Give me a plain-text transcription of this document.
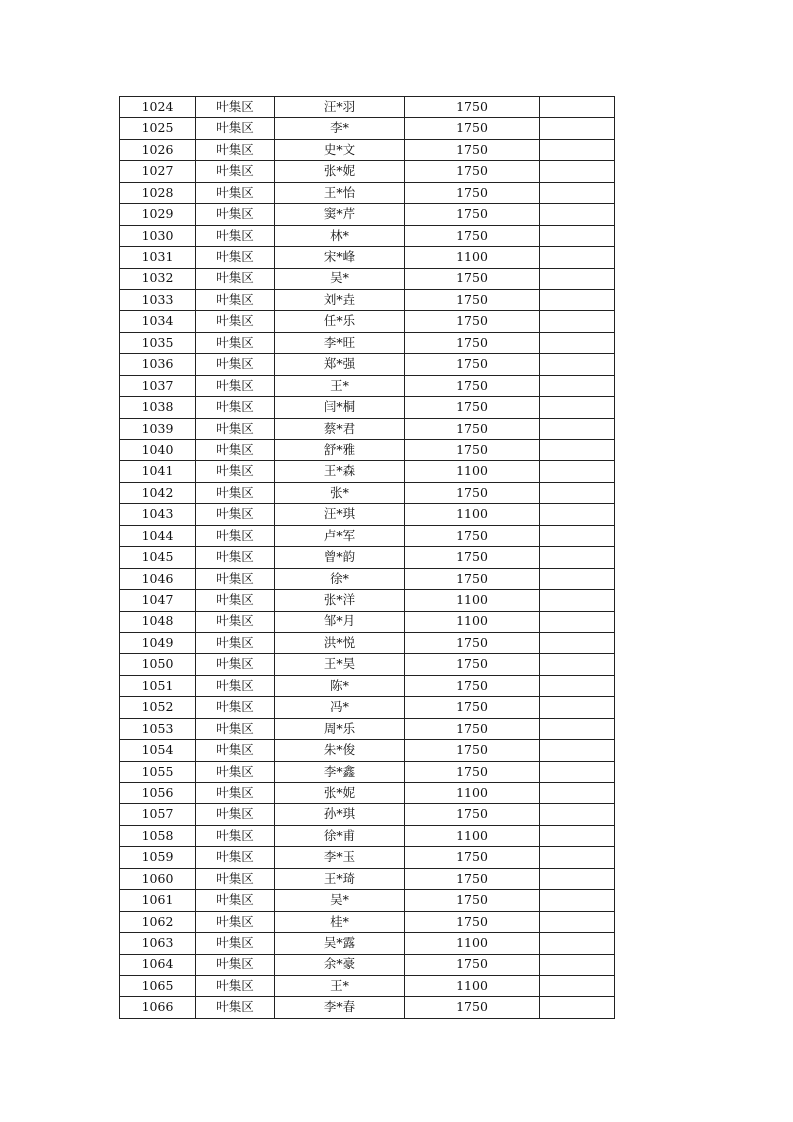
1024	叶集区	汪*羽	1750	
1025	叶集区	李*	1750	
1026	叶集区	史*文	1750	
1027	叶集区	张*妮	1750	
1028	叶集区	王*怡	1750	
1029	叶集区	窦*芹	1750	
1030	叶集区	林*	1750	
1031	叶集区	宋*峰	1100	
1032	叶集区	吴*	1750	
1033	叶集区	刘*垚	1750	
1034	叶集区	任*乐	1750	
1035	叶集区	李*旺	1750	
1036	叶集区	郑*强	1750	
1037	叶集区	王*	1750	
1038	叶集区	闫*桐	1750	
1039	叶集区	蔡*君	1750	
1040	叶集区	舒*雅	1750	
1041	叶集区	王*森	1100	
1042	叶集区	张*	1750	
1043	叶集区	汪*琪	1100	
1044	叶集区	卢*军	1750	
1045	叶集区	曾*韵	1750	
1046	叶集区	徐*	1750	
1047	叶集区	张*洋	1100	
1048	叶集区	邹*月	1100	
1049	叶集区	洪*悦	1750	
1050	叶集区	王*昊	1750	
1051	叶集区	陈*	1750	
1052	叶集区	冯*	1750	
1053	叶集区	周*乐	1750	
1054	叶集区	朱*俊	1750	
1055	叶集区	李*鑫	1750	
1056	叶集区	张*妮	1100	
1057	叶集区	孙*琪	1750	
1058	叶集区	徐*甫	1100	
1059	叶集区	李*玉	1750	
1060	叶集区	王*琦	1750	
1061	叶集区	吴*	1750	
1062	叶集区	桂*	1750	
1063	叶集区	吴*露	1100	
1064	叶集区	余*豪	1750	
1065	叶集区	王*	1100	
1066	叶集区	李*春	1750	
